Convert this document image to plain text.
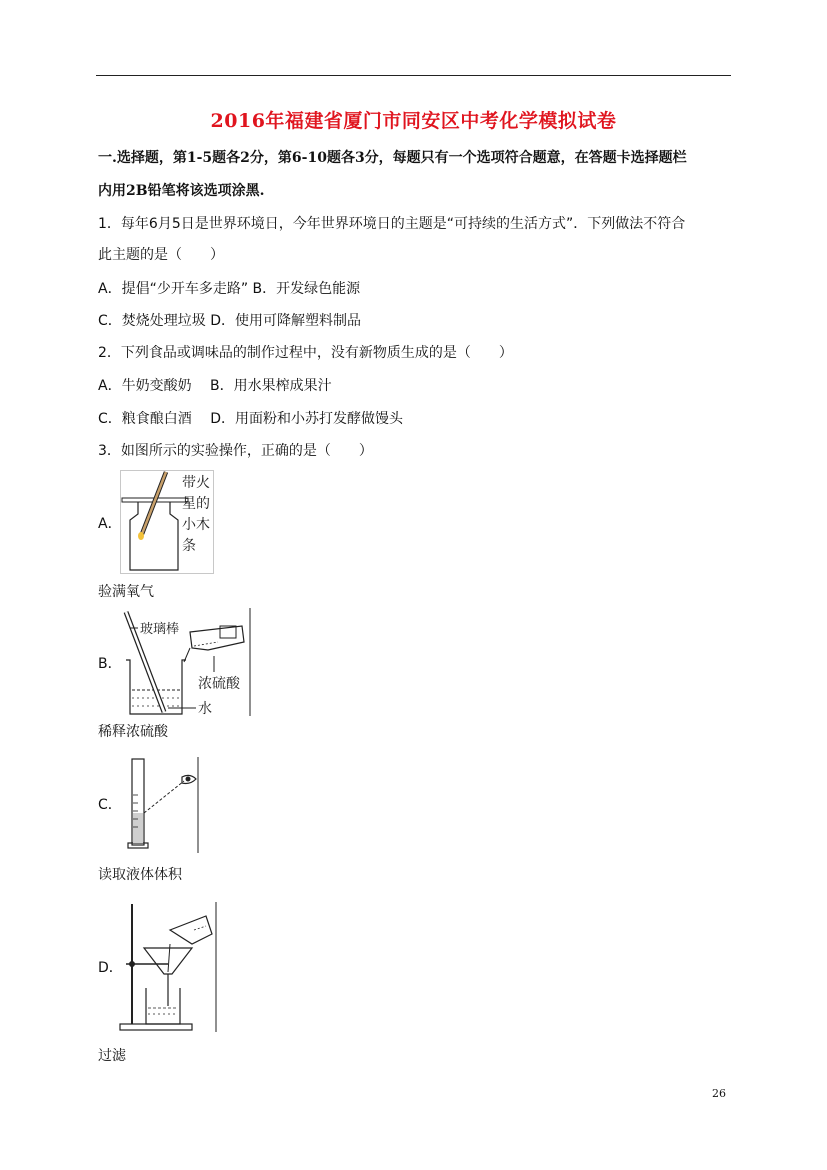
2016年福建省厦门市同安区中考化学模拟试卷
一.选择题，第1-5题各2分，第6-10题各3分，每题只有一个选项符合题意，在答题卡选择题栏
内用2B铅笔将该选项涂黑.
1．每年6月5日是世界环境日，今年世界环境日的主题是“可持续的生活方式”．下列做法不符合
此主题的是（　　）
A．提倡“少开车多走路” B．开发绿色能源
C．焚烧处理垃圾 D．使用可降解塑料制品
2．下列食品或调味品的制作过程中，没有新物质生成的是（　　）
A．牛奶变酸奶　 B．用水果榨成果汁
C．粮食酿白酒　 D．用面粉和小苏打发酵做馒头
3．如图所示的实验操作，正确的是（　　）
A．
带火
星的
小木
条
验满氧气
B．
玻璃棒
浓硫酸
水
稀释浓硫酸
C．
读取液体体积
D．
过滤
26
